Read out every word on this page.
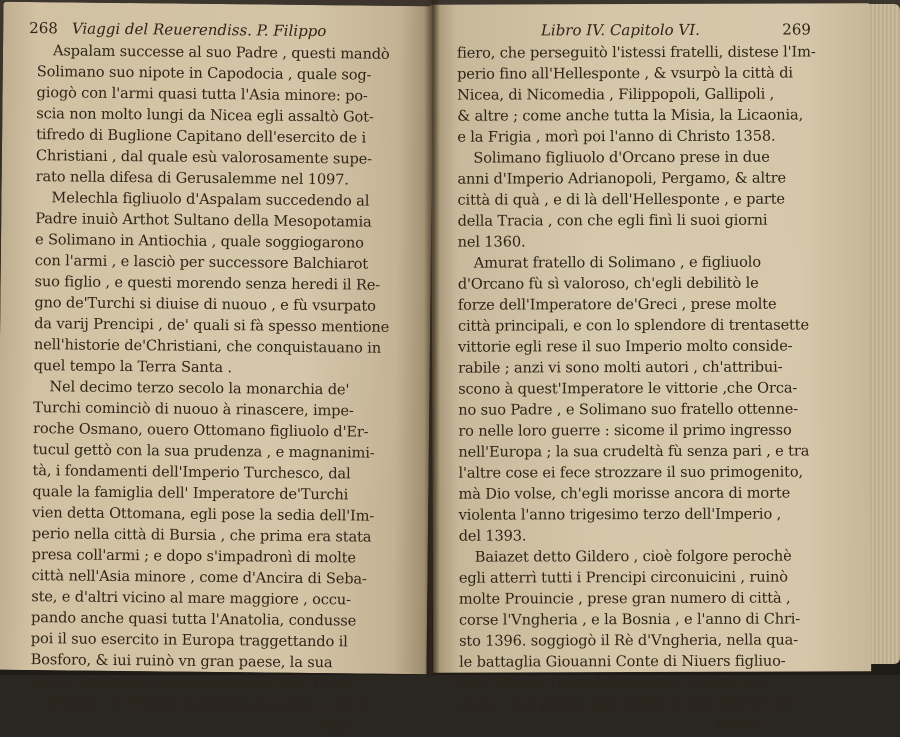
268 Viaggi del Reuerendiss. P. Filippo
Aspalam successe al suo Padre , questi mandò
Solimano suo nipote in Capodocia , quale sog-
giogò con l'armi quasi tutta l'Asia minore: po-
scia non molto lungi da Nicea egli assaltò Got-
tifredo di Buglione Capitano dell'esercito de i
Christiani , dal quale esù valorosamente supe-
rato nella difesa di Gerusalemme nel 1097.
Melechla figliuolo d'Aspalam succedendo al
Padre inuiò Arthot Sultano della Mesopotamia
e Solimano in Antiochia , quale soggiogarono
con l'armi , e lasciò per successore Balchiarot
suo figlio , e questi morendo senza heredi il Re-
gno de'Turchi si diuise di nuouo , e fù vsurpato
da varij Prencipi , de' quali si fà spesso mentione
nell'historie de'Christiani, che conquistauano in
quel tempo la Terra Santa .
Nel decimo terzo secolo la monarchia de'
Turchi cominciò di nuouo à rinascere, impe-
roche Osmano, ouero Ottomano figliuolo d'Er-
tucul gettò con la sua prudenza , e magnanimi-
tà, i fondamenti dell'Imperio Turchesco, dal
quale la famiglia dell' Imperatore de'Turchi
vien detta Ottomana, egli pose la sedia dell'Im-
perio nella città di Bursia , che prima era stata
presa coll'armi ; e dopo s'impadronì di molte
città nell'Asia minore , come d'Ancira di Seba-
ste, e d'altri vicino al mare maggiore , occu-
pando anche quasi tutta l'Anatolia, condusse
poi il suo esercito in Europa traggettando il
Bosforo, & iui ruinò vn gran paese, la sua
morte finalmente seguì l'anno del Sig. 1328.
Orcano , ò Vrcano successe al padre , e fù sì
fiero
Libro IV. Capitolo VI.	269
fiero, che perseguitò l'istessi fratelli, distese l'Im-
perio fino all'Hellesponte , & vsurpò la città di
Nicea, di Nicomedia , Filippopoli, Gallipoli ,
& altre ; come anche tutta la Misia, la Licaonia,
e la Frigia , morì poi l'anno di Christo 1358.
Solimano figliuolo d'Orcano prese in due
anni d'Imperio Adrianopoli, Pergamo, & altre
città di quà , e di là dell'Hellesponte , e parte
della Tracia , con che egli finì li suoi giorni
nel 1360.
Amurat fratello di Solimano , e figliuolo
d'Orcano fù sì valoroso, ch'egli debilitò le
forze dell'Imperatore de'Greci , prese molte
città principali, e con lo splendore di trentasette
vittorie egli rese il suo Imperio molto conside-
rabile ; anzi vi sono molti autori , ch'attribui-
scono à quest'Imperatore le vittorie ,che Orca-
no suo Padre , e Solimano suo fratello ottenne-
ro nelle loro guerre : sicome il primo ingresso
nell'Europa ; la sua crudeltà fù senza pari , e tra
l'altre cose ei fece strozzare il suo primogenito,
mà Dio volse, ch'egli morisse ancora di morte
violenta l'anno trigesimo terzo dell'Imperio ,
del 1393.
Baiazet detto Gildero , cioè folgore perochè
egli atterrì tutti i Prencipi circonuicini , ruinò
molte Prouincie , prese gran numero di città ,
corse l'Vngheria , e la Bosnia , e l'anno di Chri-
sto 1396. soggiogò il Rè d'Vngheria, nella qua-
le battaglia Giouanni Conte di Niuers figliuo-
lo di Filippo Duca di Borgogna fù fatto pri-
gione , mà poscia egli hebbe la sua libertà col
riscat-
